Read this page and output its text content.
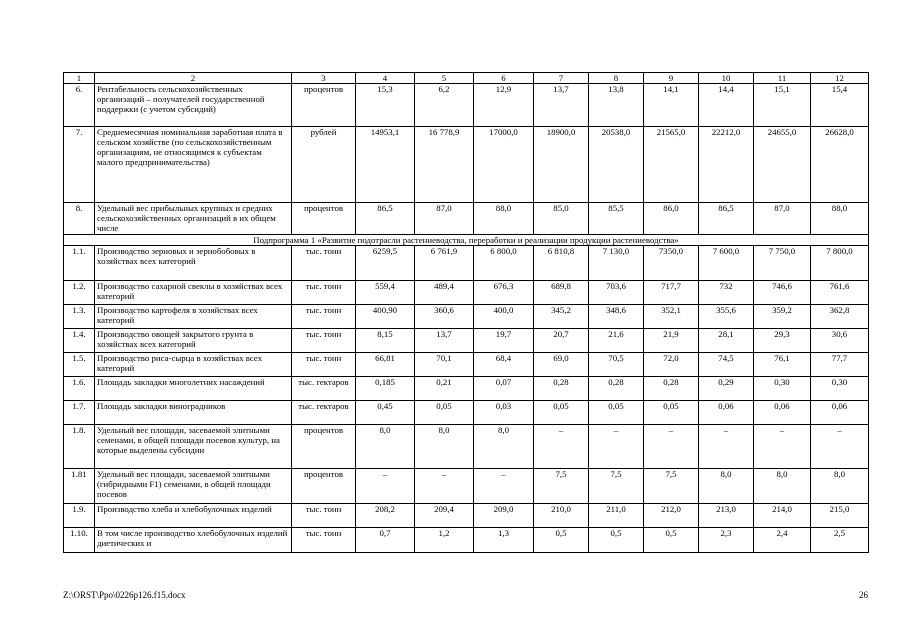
1	2	3	4	5	6	7	8	9	10	11	12
6.	Рентабельность сельскохозяйственных организаций – получателей государственной поддержки (с учетом субсидий)	процентов	15,3	6,2	12,9	13,7	13,8	14,1	14,4	15,1	15,4
7.	Среднемесячная номинальная заработная плата в сельском хозяйстве (по сельскохозяйственным организациям, не относящимся к субъектам малого предпринимательства)	рублей	14953,1	16 778,9	17000,0	18900,0	20538,0	21565,0	22212,0	24655,0	26628,0
8.	Удельный вес прибыльных крупных и средних сельскохозяйственных организаций в их общем числе	процентов	86,5	87,0	88,0	85,0	85,5	86,0	86,5	87,0	88,0
Подпрограмма 1 «Развитие подотрасли растениеводства, переработки и реализации продукции растениеводства»											
1.1.	Производство зерновых и зернобобовых в хозяйствах всех категорий	тыс. тонн	6259,5	6 761,9	6 800,0	6 810,8	7 130,0	7350,0	7 600,0	7 750,0	7 800,0
1.2.	Производство сахарной свеклы в хозяйствах всех категорий	тыс. тонн	559,4	489,4	676,3	689,8	703,6	717,7	732	746,6	761,6
1.3.	Производство картофеля в хозяйствах всех категорий	тыс. тонн	400,90	360,6	400,0	345,2	348,6	352,1	355,6	359,2	362,8
1.4.	Производство овощей закрытого грунта в хозяйствах всех категорий	тыс. тонн	8,15	13,7	19,7	20,7	21,6	21,9	28,1	29,3	30,6
1.5.	Производство риса-сырца в хозяйствах всех категорий	тыс. тонн	66,81	70,1	68,4	69,0	70,5	72,0	74,5	76,1	77,7
1.6.	Площадь закладки многолетних насаждений	тыс. гектаров	0,185	0,21	0,07	0,28	0,28	0,28	0,29	0,30	0,30
1.7.	Площадь закладки виноградников	тыс. гектаров	0,45	0,05	0,03	0,05	0,05	0,05	0,06	0,06	0,06
1.8.	Удельный вес площади, засеваемой элитными семенами, в общей площади посевов культур, на которые выделены субсидии	процентов	8,0	8,0	8,0	–	–	–	–	–	–
1.81	Удельный вес площади, засеваемой элитными (гибридными F1) семенами, в общей площади посевов	процентов	–	–	–	7,5	7,5	7,5	8,0	8,0	8,0
1.9.	Производство хлеба и хлебобулочных изделий	тыс. тонн	208,2	209,4	209,0	210,0	211,0	212,0	213,0	214,0	215,0
1.10.	В том числе производство хлебобулочных изделий диетических и	тыс. тонн	0,7	1,2	1,3	0,5	0,5	0,5	2,3	2,4	2,5
Z:\ORST\Ppo\0226p126.f15.docx	26
